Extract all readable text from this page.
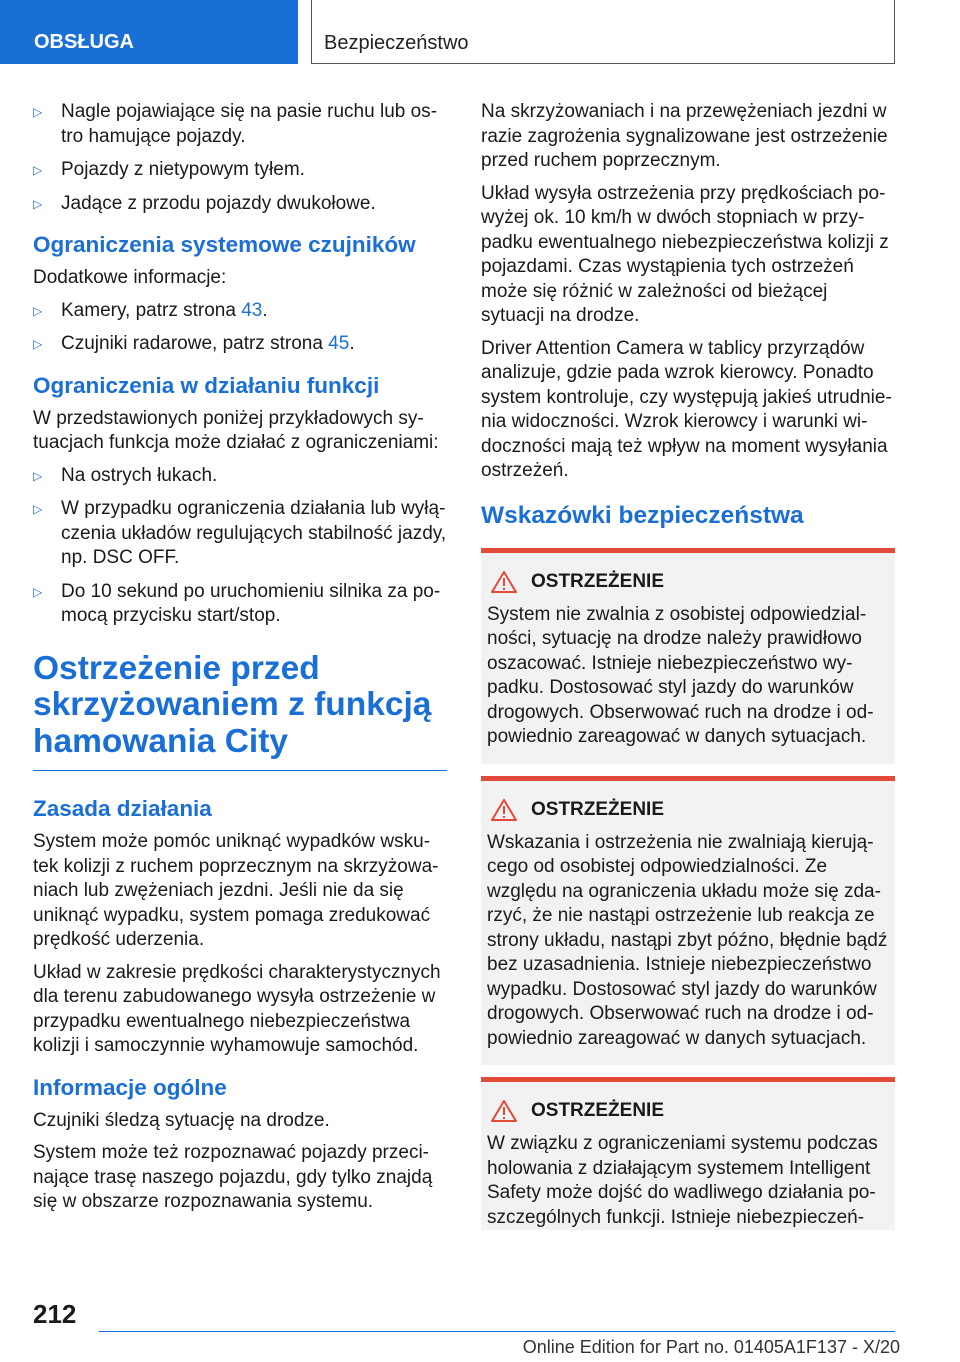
OBSŁUGA	Bezpieczeństwo
▷ Nagle pojawiające się na pasie ruchu lub ostro hamujące pojazdy.
▷ Pojazdy z nietypowym tyłem.
▷ Jadące z przodu pojazdy dwukołowe.
Ograniczenia systemowe czujników

Dodatkowe informacje:

▷ Kamery, patrz strona 43.
▷ Czujniki radarowe, patrz strona 45.
Ograniczenia w działaniu funkcji

W przedstawionych poniżej przykładowych sytuacjach funkcja może działać z ograniczeniami:

▷ Na ostrych łukach.
▷ W przypadku ograniczenia działania lub wyłączenia układów regulujących stabilność jazdy, np. DSC OFF.
▷ Do 10 sekund po uruchomieniu silnika za pomocą przycisku start/stop.
Ostrzeżenie przed skrzyżowaniem z funkcją hamowania City
Zasada działania

System może pomóc uniknąć wypadków wskutek kolizji z ruchem poprzecznym na skrzyżowaniach lub zwężeniach jezdni. Jeśli nie da się uniknąć wypadku, system pomaga zredukować prędkość uderzenia.

Układ w zakresie prędkości charakterystycznych dla terenu zabudowanego wysyła ostrzeżenie w przypadku ewentualnego niebezpieczeństwa kolizji i samoczynnie wyhamowuje samochód.

Informacje ogólne

Czujniki śledzą sytuację na drodze.

System może też rozpoznawać pojazdy przecinające trasę naszego pojazdu, gdy tylko znajdą się w obszarze rozpoznawania systemu.

Na skrzyżowaniach i na przewężeniach jezdni w razie zagrożenia sygnalizowane jest ostrzeżenie przed ruchem poprzecznym.

Układ wysyła ostrzeżenia przy prędkościach powyżej ok. 10 km/h w dwóch stopniach w przypadku ewentualnego niebezpieczeństwa kolizji z pojazdami. Czas wystąpienia tych ostrzeżeń może się różnić w zależności od bieżącej sytuacji na drodze.

Driver Attention Camera w tablicy przyrządów analizuje, gdzie pada wzrok kierowcy. Ponadto system kontroluje, czy występują jakieś utrudnienia widoczności. Wzrok kierowcy i warunki widoczności mają też wpływ na moment wysyłania ostrzeżeń.

Wskazówki bezpieczeństwa
OSTRZEŻENIE

System nie zwalnia z osobistej odpowiedzialności, sytuację na drodze należy prawidłowo oszacować. Istnieje niebezpieczeństwo wypadku. Dostosować styl jazdy do warunków drogowych. Obserwować ruch na drodze i odpowiednio zareagować w danych sytuacjach.

OSTRZEŻENIE

Wskazania i ostrzeżenia nie zwalniają kierującego od osobistej odpowiedzialności. Ze względu na ograniczenia układu może się zdarzyć, że nie nastąpi ostrzeżenie lub reakcja ze strony układu, nastąpi zbyt późno, błędnie bądź bez uzasadnienia. Istnieje niebezpieczeństwo wypadku. Dostosować styl jazdy do warunków drogowych. Obserwować ruch na drodze i odpowiednio zareagować w danych sytuacjach.

OSTRZEŻENIE

W związku z ograniczeniami systemu podczas holowania z działającym systemem Intelligent Safety może dojść do wadliwego działania poszczególnych funkcji. Istnieje niebezpieczeń-

212
Online Edition for Part no. 01405A1F137 - X/20
